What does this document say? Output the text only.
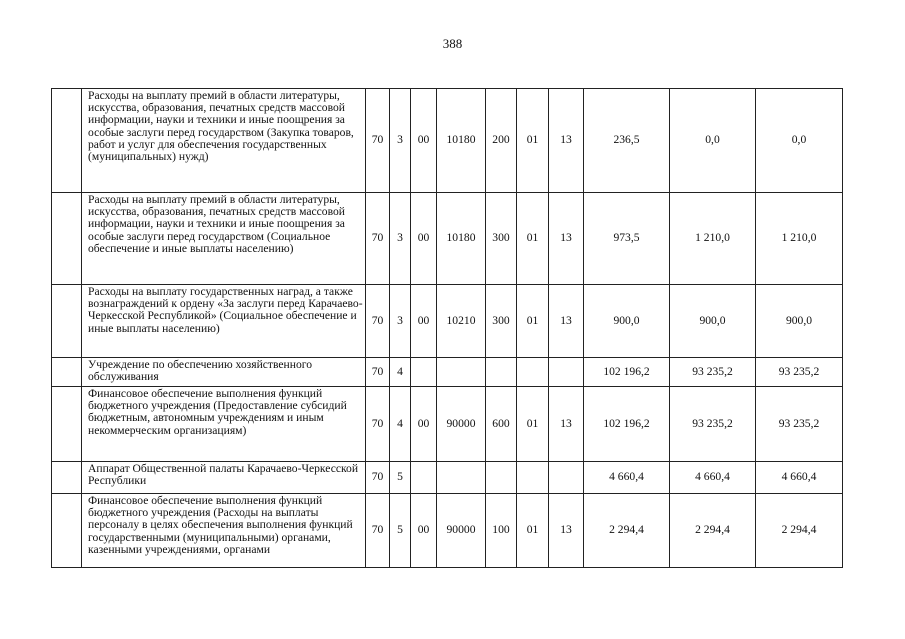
388
	Расходы на выплату премий в области литературы, искусства, образования, печатных средств массовой информации, науки и техники и иные поощрения за особые заслуги перед государством (Закупка товаров, работ и услуг для обеспечения государственных (муниципальных) нужд)	70	3	00	10180	200	01	13	236,5	0,0	0,0
	Расходы на выплату премий в области литературы, искусства, образования, печатных средств массовой информации, науки и техники и иные поощрения за особые заслуги перед государством (Социальное обеспечение и иные выплаты населению)	70	3	00	10180	300	01	13	973,5	1 210,0	1 210,0
	Расходы на выплату государственных наград, а также вознаграждений к ордену «За заслуги перед Карачаево-Черкесской Республикой» (Социальное обеспечение и иные выплаты населению)	70	3	00	10210	300	01	13	900,0	900,0	900,0
	Учреждение по обеспечению хозяйственного обслуживания	70	4						102 196,2	93 235,2	93 235,2
	Финансовое обеспечение выполнения функций бюджетного учреждения (Предоставление субсидий бюджетным, автономным учреждениям и иным некоммерческим организациям)	70	4	00	90000	600	01	13	102 196,2	93 235,2	93 235,2
	Аппарат Общественной палаты Карачаево-Черкесской Республики	70	5						4 660,4	4 660,4	4 660,4
	Финансовое обеспечение выполнения функций бюджетного учреждения (Расходы на выплаты персоналу в целях обеспечения выполнения функций государственными (муниципальными) органами, казенными учреждениями, органами	70	5	00	90000	100	01	13	2 294,4	2 294,4	2 294,4
